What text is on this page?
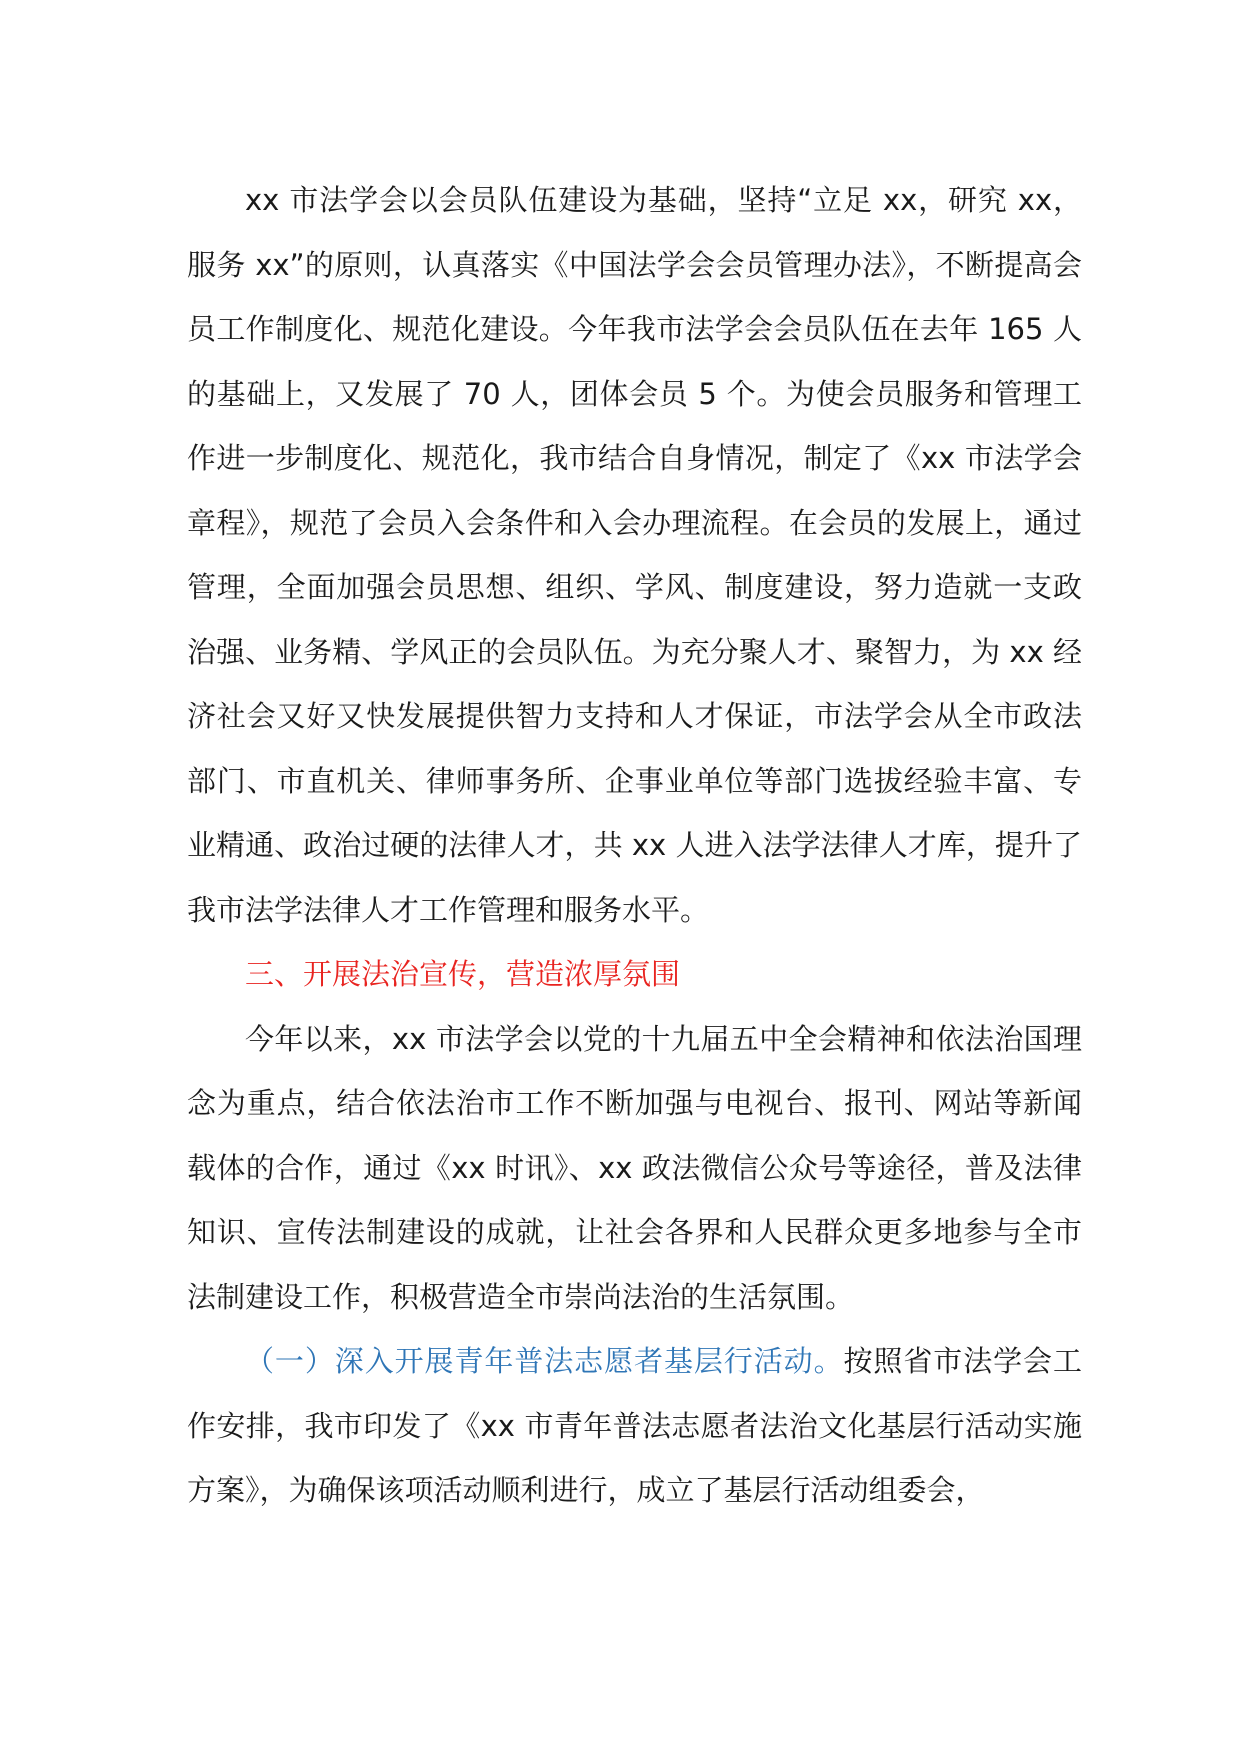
xx 市法学会以会员队伍建设为基础，坚持“立足 xx，研究 xx，服务 xx”的原则，认真落实《中国法学会会员管理办法》，不断提高会员工作制度化、规范化建设。今年我市法学会会员队伍在去年 165 人的基础上，又发展了 70 人，团体会员 5 个。为使会员服务和管理工作进一步制度化、规范化，我市结合自身情况，制定了《xx 市法学会章程》，规范了会员入会条件和入会办理流程。在会员的发展上，通过管理，全面加强会员思想、组织、学风、制度建设，努力造就一支政治强、业务精、学风正的会员队伍。为充分聚人才、聚智力，为 xx 经济社会又好又快发展提供智力支持和人才保证，市法学会从全市政法部门、市直机关、律师事务所、企事业单位等部门选拔经验丰富、专业精通、政治过硬的法律人才，共 xx 人进入法学法律人才库，提升了我市法学法律人才工作管理和服务水平。

三、开展法治宣传，营造浓厚氛围

今年以来，xx 市法学会以党的十九届五中全会精神和依法治国理念为重点，结合依法治市工作不断加强与电视台、报刊、网站等新闻载体的合作，通过《xx 时讯》、xx 政法微信公众号等途径，普及法律知识、宣传法制建设的成就，让社会各界和人民群众更多地参与全市法制建设工作，积极营造全市崇尚法治的生活氛围。

（一）深入开展青年普法志愿者基层行活动。按照省市法学会工作安排，我市印发了《xx 市青年普法志愿者法治文化基层行活动实施方案》，为确保该项活动顺利进行，成立了基层行活动组委会，
